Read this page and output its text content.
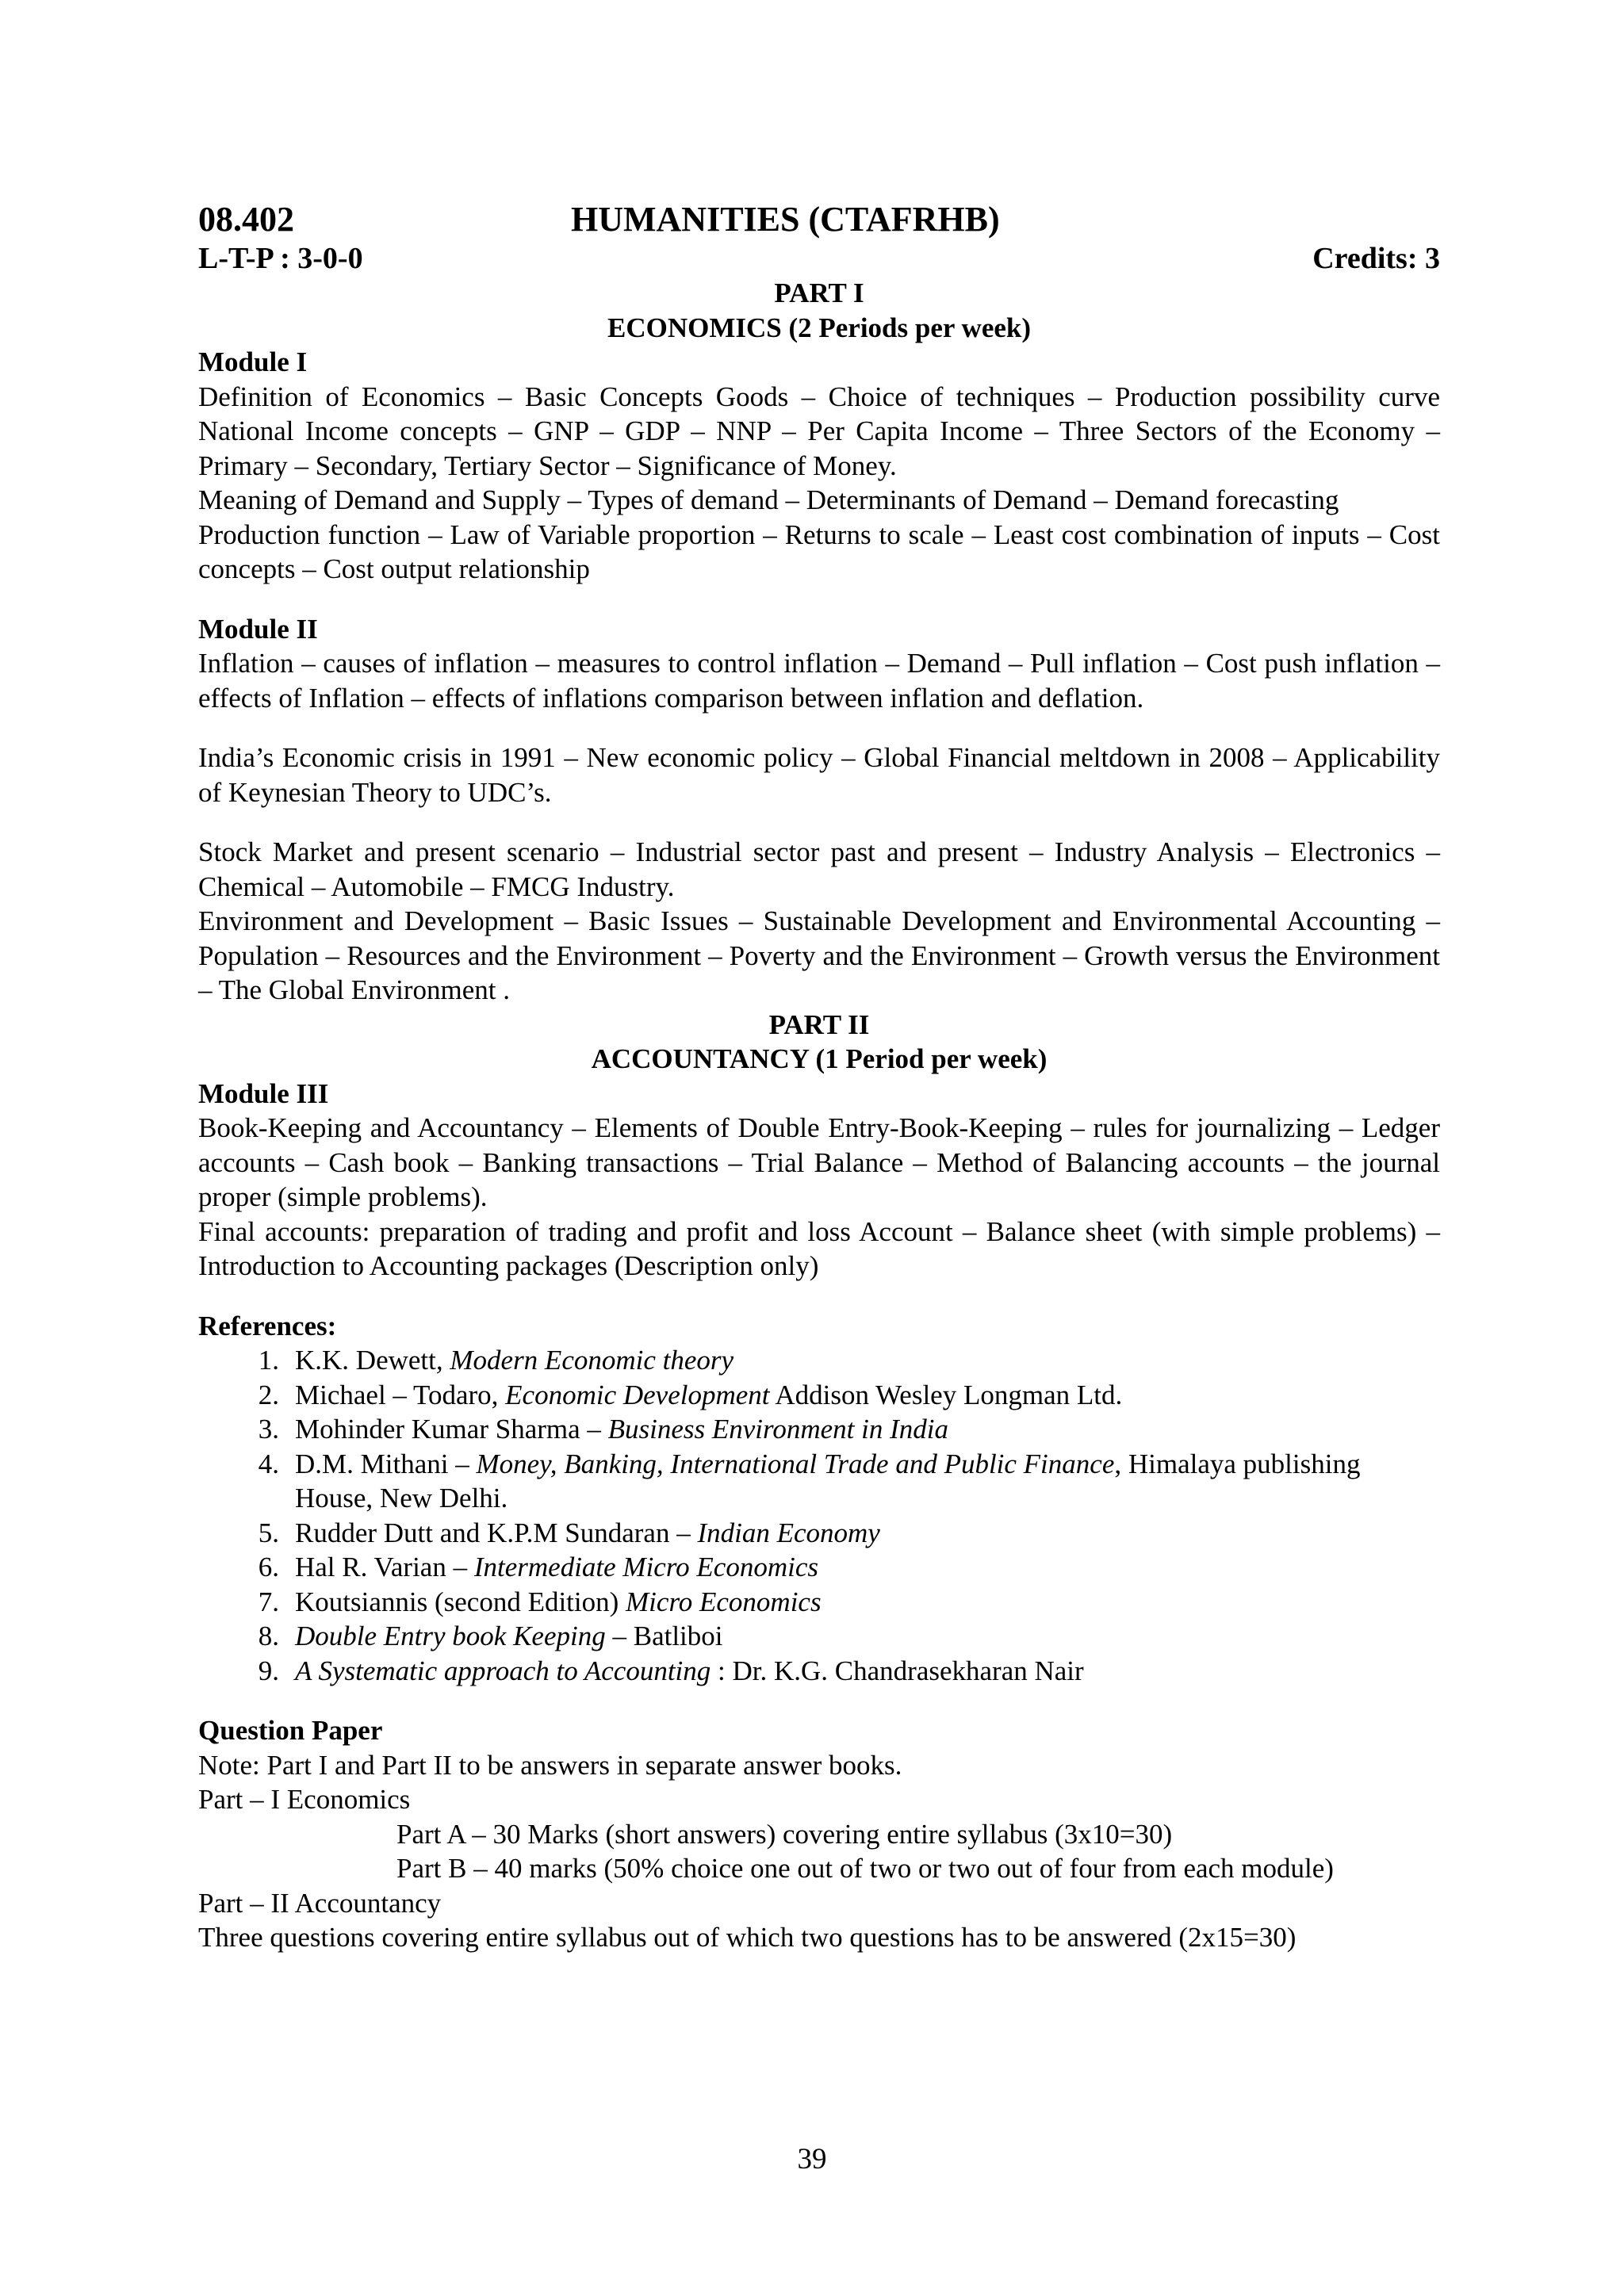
08.402	HUMANITIES (CTAFRHB)
L-T-P : 3-0-0	Credits: 3
PART I
ECONOMICS (2 Periods per week)

Module I

Definition of Economics – Basic Concepts Goods – Choice of techniques – Production possibility curve National Income concepts – GNP – GDP – NNP – Per Capita Income – Three Sectors of the Economy – Primary – Secondary, Tertiary Sector – Significance of Money.

Meaning of Demand and Supply – Types of demand – Determinants of Demand – Demand forecasting

Production function – Law of Variable proportion – Returns to scale – Least cost combination of inputs – Cost concepts – Cost output relationship

Module II

Inflation – causes of inflation – measures to control inflation – Demand – Pull inflation – Cost push inflation – effects of Inflation – effects of inflations comparison between inflation and deflation.

India’s Economic crisis in 1991 – New economic policy – Global Financial meltdown in 2008 – Applicability of Keynesian Theory to UDC’s.

Stock Market and present scenario – Industrial sector past and present – Industry Analysis – Electronics – Chemical – Automobile – FMCG Industry.

Environment and Development – Basic Issues – Sustainable Development and Environmental Accounting – Population – Resources and the Environment – Poverty and the Environment – Growth versus the Environment – The Global Environment .

PART II
ACCOUNTANCY (1 Period per week)

Module III

Book-Keeping and Accountancy – Elements of Double Entry-Book-Keeping – rules for journalizing – Ledger accounts – Cash book – Banking transactions – Trial Balance – Method of Balancing accounts – the journal proper (simple problems).

Final accounts: preparation of trading and profit and loss Account – Balance sheet (with simple problems) – Introduction to Accounting packages (Description only)

References:

1. K.K. Dewett, Modern Economic theory
2. Michael – Todaro, Economic Development Addison Wesley Longman Ltd.
3. Mohinder Kumar Sharma – Business Environment in India
4. D.M. Mithani – Money, Banking, International Trade and Public Finance, Himalaya publishing House, New Delhi.
5. Rudder Dutt and K.P.M Sundaran – Indian Economy
6. Hal R. Varian – Intermediate Micro Economics
7. Koutsiannis (second Edition) Micro Economics
8. Double Entry book Keeping – Batliboi
9. A Systematic approach to Accounting : Dr. K.G. Chandrasekharan Nair

Question Paper

Note: Part I and Part II to be answers in separate answer books.

Part – I Economics

Part A – 30 Marks (short answers) covering entire syllabus (3x10=30)

Part B – 40 marks (50% choice one out of two or two out of four from each module)

Part – II Accountancy

Three questions covering entire syllabus out of which two questions has to be answered (2x15=30)

39
